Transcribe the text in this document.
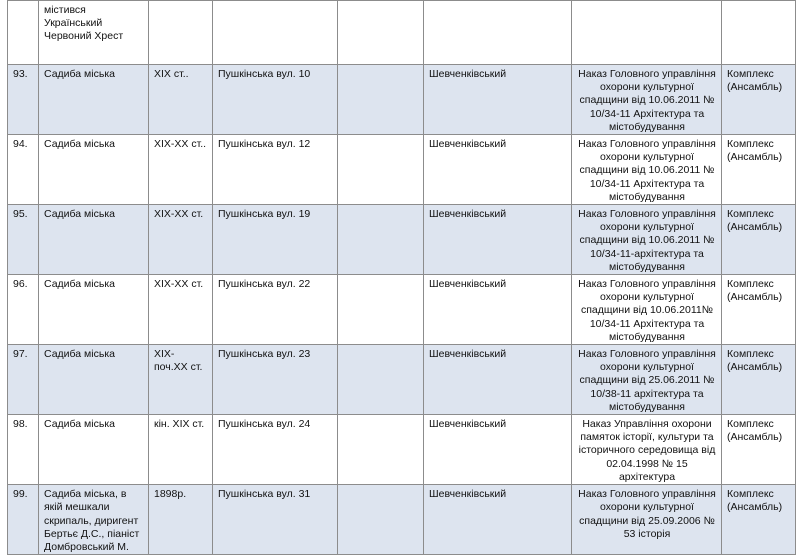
	містився Український Червоний Хрест						
93.	Садиба міська	XIX ст..	Пушкінська вул. 10		Шевченківський	Наказ Головного управління охорони культурної спадщини від 10.06.2011 № 10/34-11 Архітектура та містобудування	Комплекс (Ансамбль)
94.	Садиба міська	XIX-XX ст..	Пушкінська вул. 12		Шевченківський	Наказ Головного управління охорони культурної спадщини від 10.06.2011 № 10/34-11 Архітектура та містобудування	Комплекс (Ансамбль)
95.	Садиба міська	XIX-XX ст.	Пушкінська вул. 19		Шевченківський	Наказ Головного управління охорони культурної спадщини від 10.06.2011 № 10/34-11-архітектура та містобудування	Комплекс (Ансамбль)
96.	Садиба міська	XIX-XX ст.	Пушкінська вул. 22		Шевченківський	Наказ Головного управління охорони культурної спадщини від 10.06.2011№ 10/34-11 Архітектура та містобудування	Комплекс (Ансамбль)
97.	Садиба міська	XIX-поч.XX ст.	Пушкінська вул. 23		Шевченківський	Наказ Головного управління охорони культурної спадщини від 25.06.2011 № 10/38-11 архітектура та містобудування	Комплекс (Ансамбль)
98.	Садиба міська	кін. XIX ст.	Пушкінська вул. 24		Шевченківський	Наказ Управління охорони памяток історії, культури та історичного середовища від 02.04.1998 № 15 архітектура	Комплекс (Ансамбль)
99.	Садиба міська, в якій мешкали скрипаль, диригент Бертьє Д.С., піаніст Домбровський М.	1898р.	Пушкінська вул. 31		Шевченківський	Наказ Головного управління охорони культурної спадщини від 25.09.2006 № 53 історія	Комплекс (Ансамбль)
